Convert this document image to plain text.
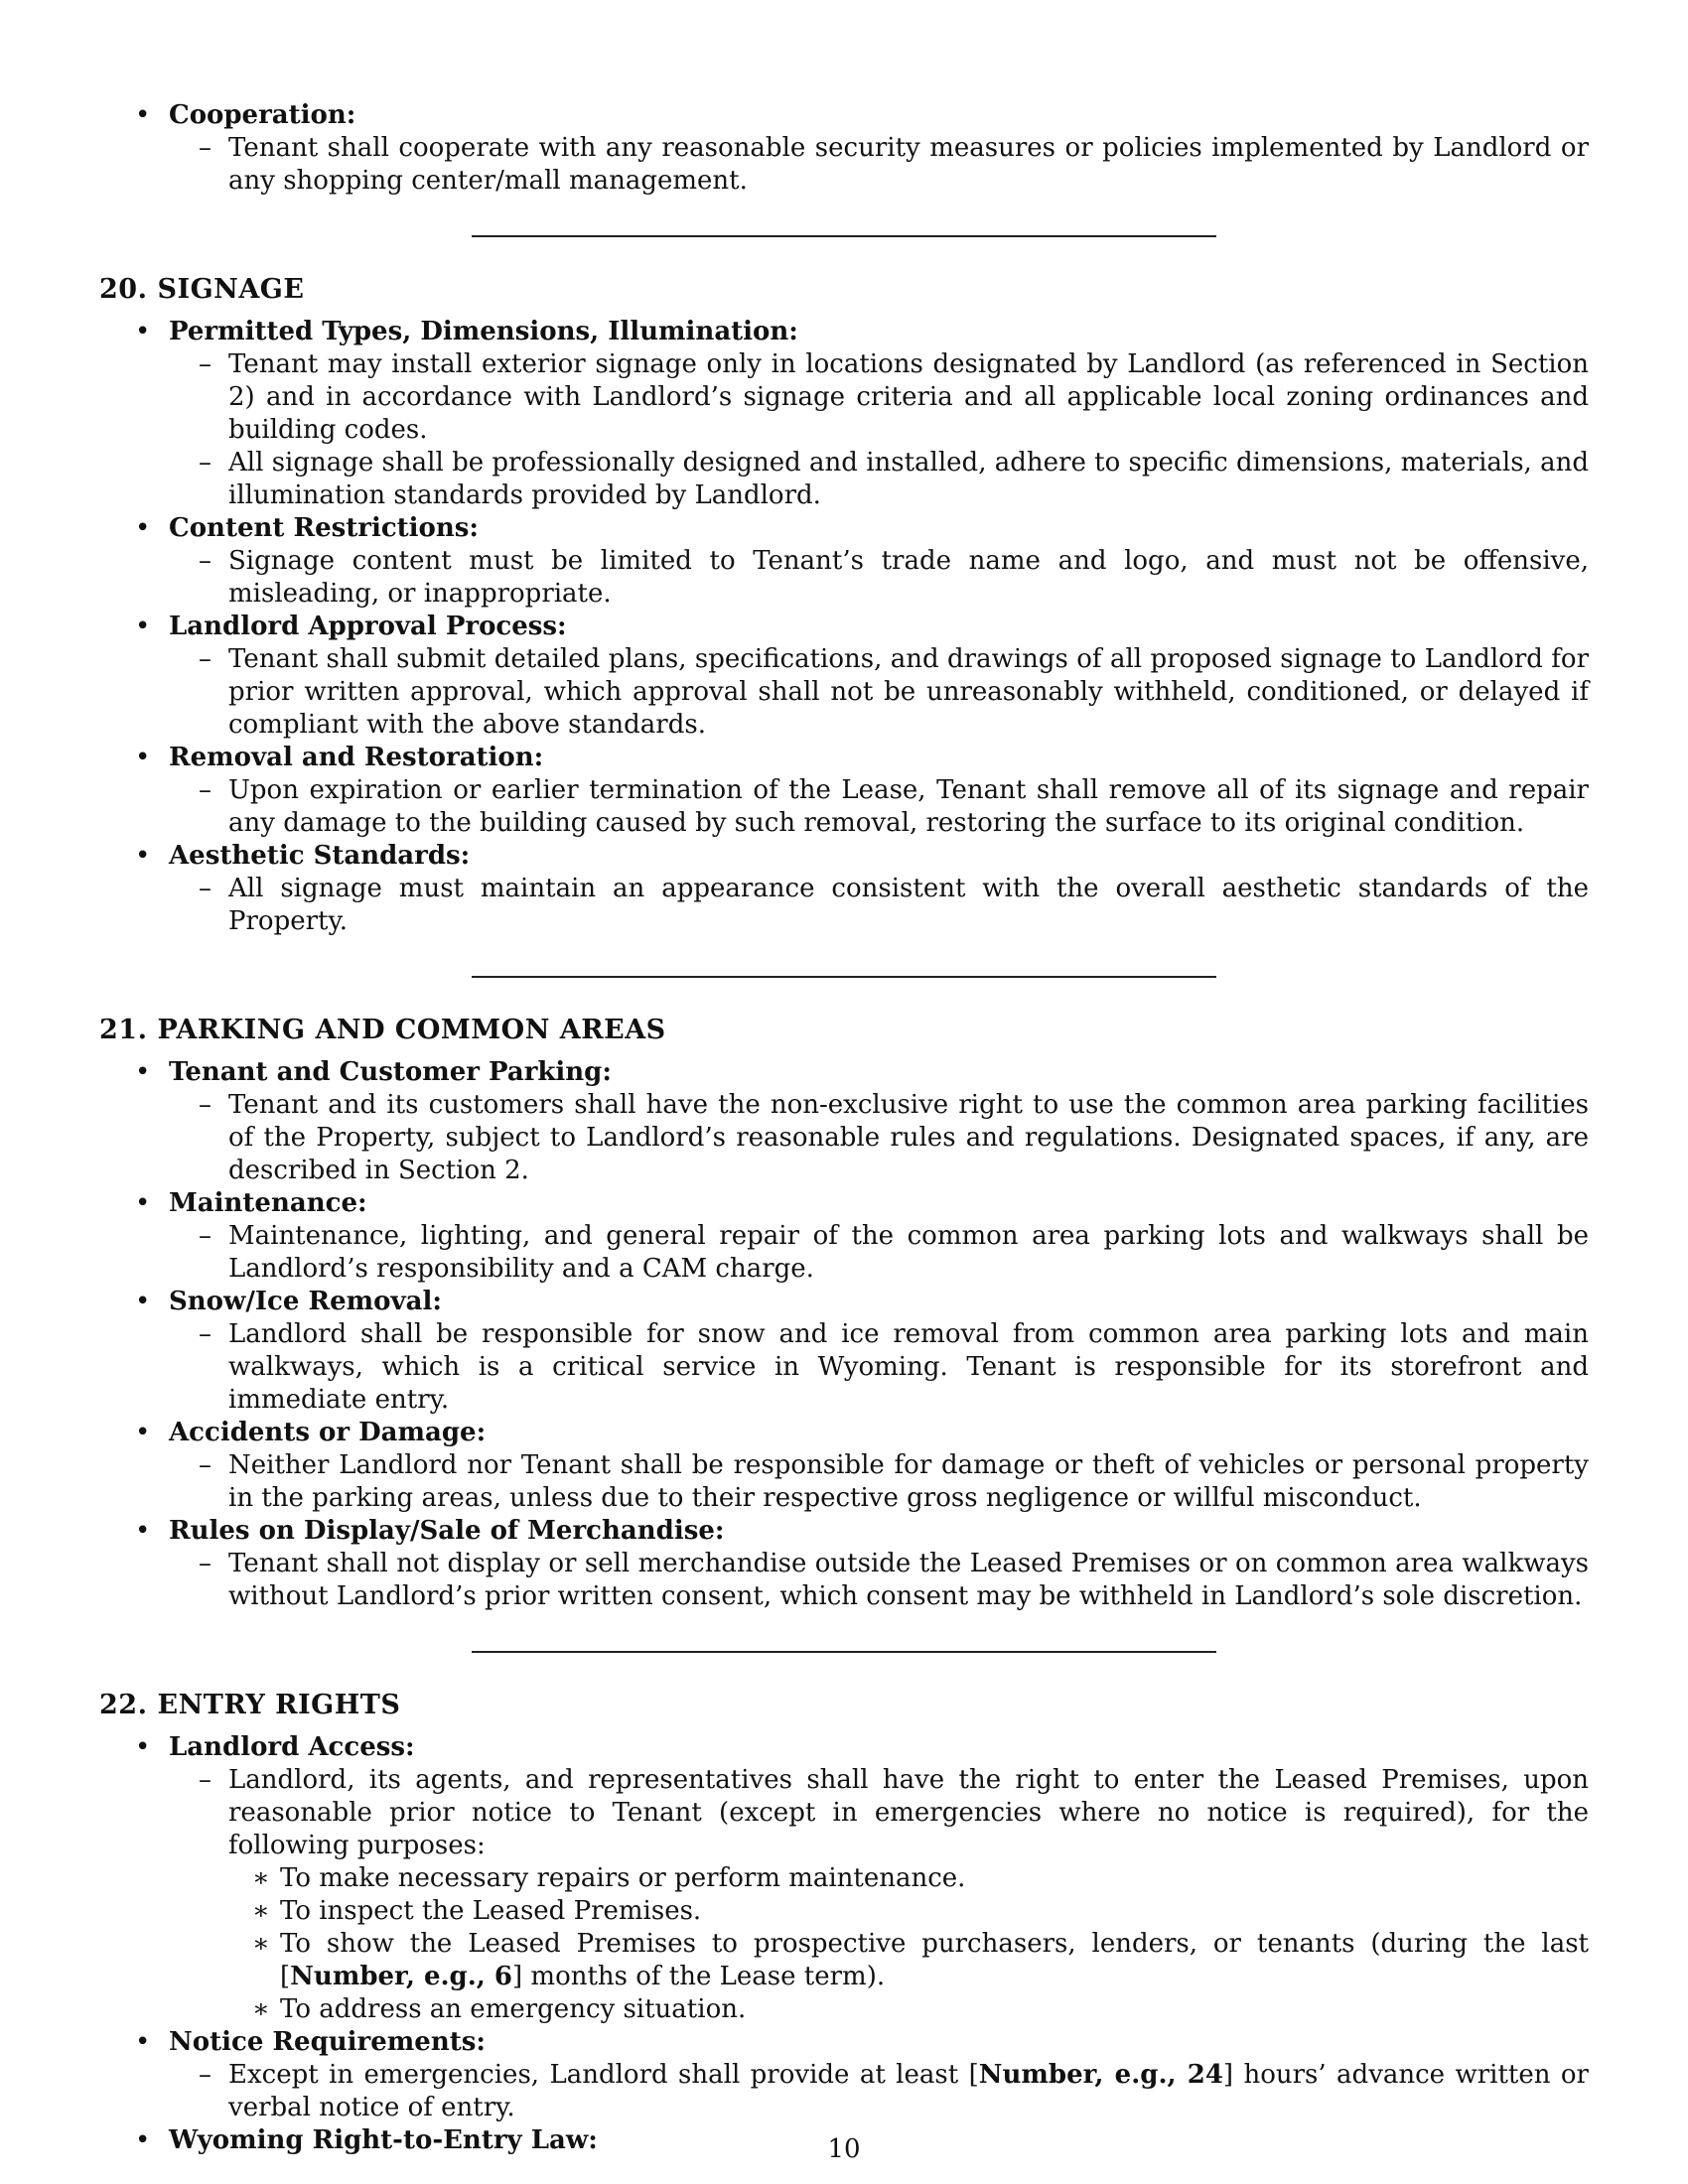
• Cooperation:
– Tenant shall cooperate with any reasonable security measures or policies implemented by Landlord or any shopping center/mall management.
20. SIGNAGE
• Permitted Types, Dimensions, Illumination:
– Tenant may install exterior signage only in locations designated by Landlord (as referenced in Section 2) and in accordance with Landlord’s signage criteria and all applicable local zoning ordinances and building codes.
– All signage shall be professionally designed and installed, adhere to specific dimensions, materials, and illumination standards provided by Landlord.
• Content Restrictions:
– Signage content must be limited to Tenant’s trade name and logo, and must not be offensive, misleading, or inappropriate.
• Landlord Approval Process:
– Tenant shall submit detailed plans, specifications, and drawings of all proposed signage to Landlord for prior written approval, which approval shall not be unreasonably withheld, conditioned, or delayed if compliant with the above standards.
• Removal and Restoration:
– Upon expiration or earlier termination of the Lease, Tenant shall remove all of its signage and repair any damage to the building caused by such removal, restoring the surface to its original condition.
• Aesthetic Standards:
– All signage must maintain an appearance consistent with the overall aesthetic standards of the Property.
21. PARKING AND COMMON AREAS
• Tenant and Customer Parking:
– Tenant and its customers shall have the non-exclusive right to use the common area parking facilities of the Property, subject to Landlord’s reasonable rules and regulations. Designated spaces, if any, are described in Section 2.
• Maintenance:
– Maintenance, lighting, and general repair of the common area parking lots and walkways shall be Landlord’s responsibility and a CAM charge.
• Snow/Ice Removal:
– Landlord shall be responsible for snow and ice removal from common area parking lots and main walkways, which is a critical service in Wyoming. Tenant is responsible for its storefront and immediate entry.
• Accidents or Damage:
– Neither Landlord nor Tenant shall be responsible for damage or theft of vehicles or personal property in the parking areas, unless due to their respective gross negligence or willful misconduct.
• Rules on Display/Sale of Merchandise:
– Tenant shall not display or sell merchandise outside the Leased Premises or on common area walkways without Landlord’s prior written consent, which consent may be withheld in Landlord’s sole discretion.
22. ENTRY RIGHTS
• Landlord Access:
– Landlord, its agents, and representatives shall have the right to enter the Leased Premises, upon reasonable prior notice to Tenant (except in emergencies where no notice is required), for the following purposes:
∗ To make necessary repairs or perform maintenance.
∗ To inspect the Leased Premises.
∗ To show the Leased Premises to prospective purchasers, lenders, or tenants (during the last [Number, e.g., 6] months of the Lease term).
∗ To address an emergency situation.
• Notice Requirements:
– Except in emergencies, Landlord shall provide at least [Number, e.g., 24] hours’ advance written or verbal notice of entry.
• Wyoming Right-to-Entry Law:	10
